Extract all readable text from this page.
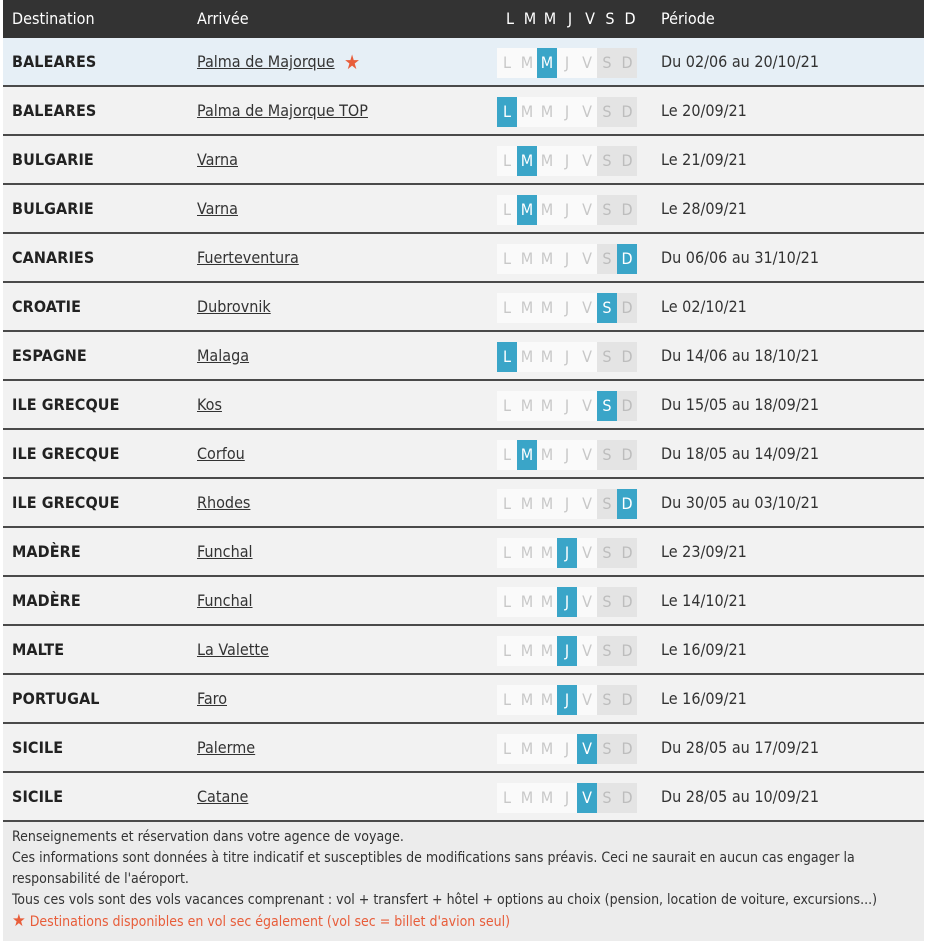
Destination	Arrivée	L M M J V S D Période
BALEARES	Palma de Majorque ★	L M M J V S D Du 02/06 au 20/10/21
BALEARES	Palma de Majorque TOP	L M M J V S D Le 20/09/21
BULGARIE	Varna	L M M J V S D Le 21/09/21
BULGARIE	Varna	L M M J V S D Le 28/09/21
CANARIES	Fuerteventura	L M M J V S D Du 06/06 au 31/10/21
CROATIE	Dubrovnik	L M M J V S D Le 02/10/21
ESPAGNE	Malaga	L M M J V S D Du 14/06 au 18/10/21
ILE GRECQUE	Kos	L M M J V S D Du 15/05 au 18/09/21
ILE GRECQUE	Corfou	L M M J V S D Du 18/05 au 14/09/21
ILE GRECQUE	Rhodes	L M M J V S D Du 30/05 au 03/10/21
MADÈRE	Funchal	L M M J V S D Le 23/09/21
MADÈRE	Funchal	L M M J V S D Le 14/10/21
MALTE	La Valette	L M M J V S D Le 16/09/21
PORTUGAL	Faro	L M M J V S D Le 16/09/21
SICILE	Palerme	L M M J V S D Du 28/05 au 17/09/21
SICILE	Catane	L M M J V S D Du 28/05 au 10/09/21

Renseignements et réservation dans votre agence de voyage.

Ces informations sont données à titre indicatif et susceptibles de modifications sans préavis. Ceci ne saurait en aucun cas engager la responsabilité de l'aéroport.

Tous ces vols sont des vols vacances comprenant : vol + transfert + hôtel + options au choix (pension, location de voiture, excursions...)

★ Destinations disponibles en vol sec également (vol sec = billet d'avion seul)
